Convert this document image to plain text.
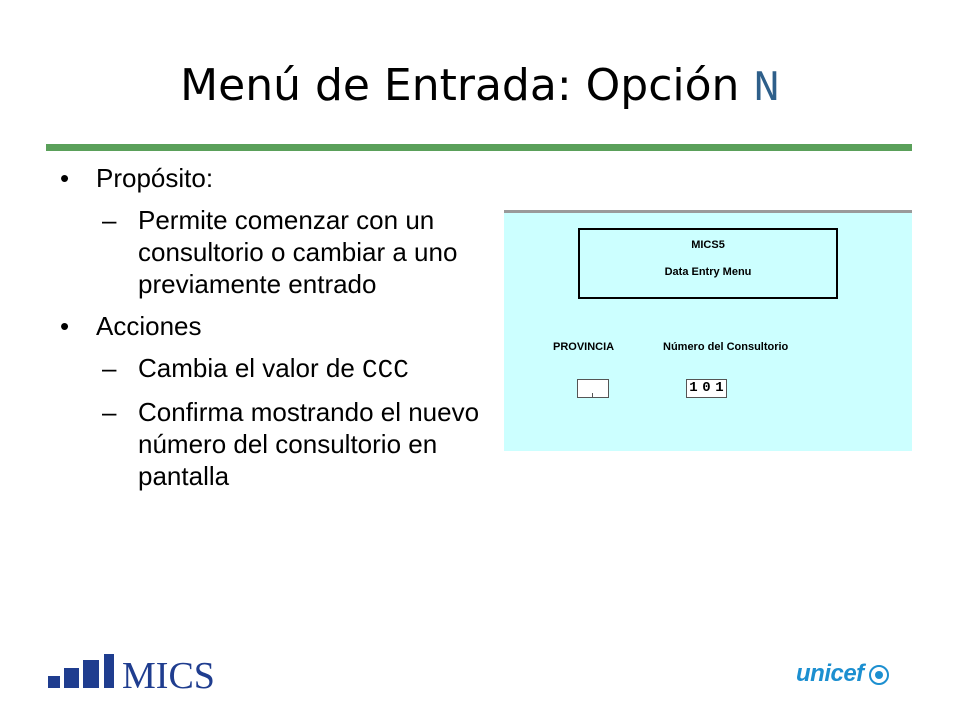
Menú de Entrada: Opción N
• Propósito:
– Permite comenzar con un consultorio o cambiar a uno previamente entrado
• Acciones
– Cambia el valor de CCC
– Confirma mostrando el nuevo número del consultorio en pantalla
MICS5
Data Entry Menu
PROVINCIA	Número del Consultorio
1 0 1
MICS	unicef
